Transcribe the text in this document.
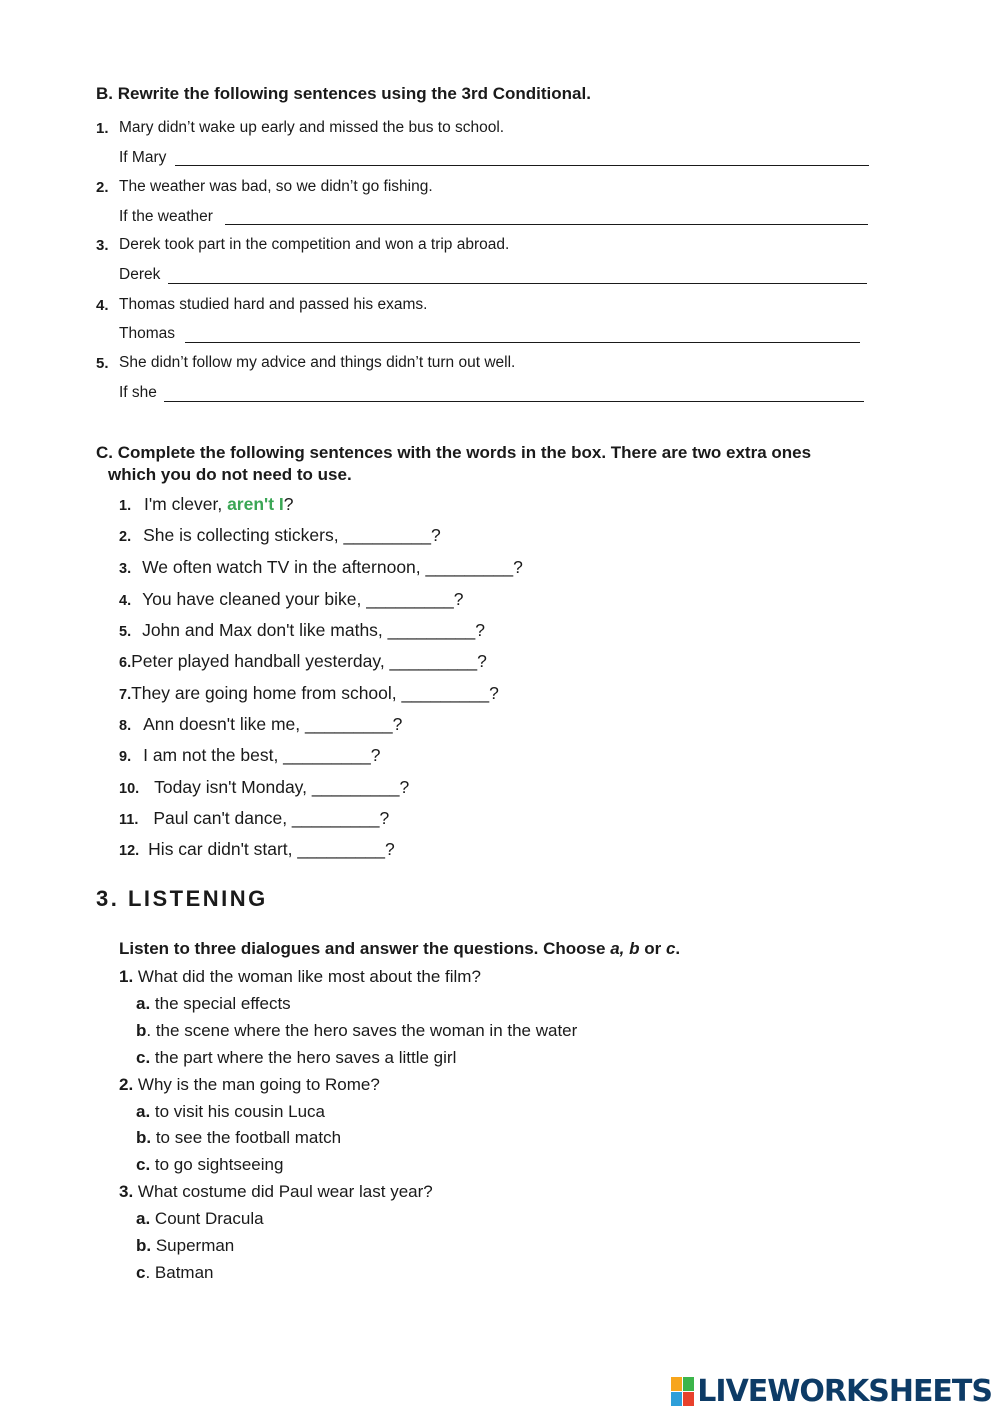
B. Rewrite the following sentences using the 3rd Conditional.
1. Mary didn’t wake up early and missed the bus to school.
If Mary
2. The weather was bad, so we didn’t go fishing.
If the weather
3. Derek took part in the competition and won a trip abroad.
Derek
4. Thomas studied hard and passed his exams.
Thomas
5. She didn’t follow my advice and things didn’t turn out well.
If she
C. Complete the following sentences with the words in the box. There are two extra ones
which you do not need to use.
1. I'm clever, aren't I?
2. She is collecting stickers, _________?
3. We often watch TV in the afternoon, _________?
4. You have cleaned your bike, _________?
5. John and Max don't like maths, _________?
6.Peter played handball yesterday, _________?
7.They are going home from school, _________?
8. Ann doesn't like me, _________?
9. I am not the best, _________?
10. Today isn't Monday, _________?
11. Paul can't dance, _________?
12. His car didn't start, _________?
3. LISTENING
Listen to three dialogues and answer the questions. Choose a, b or c.
1. What did the woman like most about the film?
a. the special effects
b. the scene where the hero saves the woman in the water
c. the part where the hero saves a little girl
2. Why is the man going to Rome?
a. to visit his cousin Luca
b. to see the football match
c. to go sightseeing
3. What costume did Paul wear last year?
a. Count Dracula
b. Superman
c. Batman
LIVEWORKSHEETS
